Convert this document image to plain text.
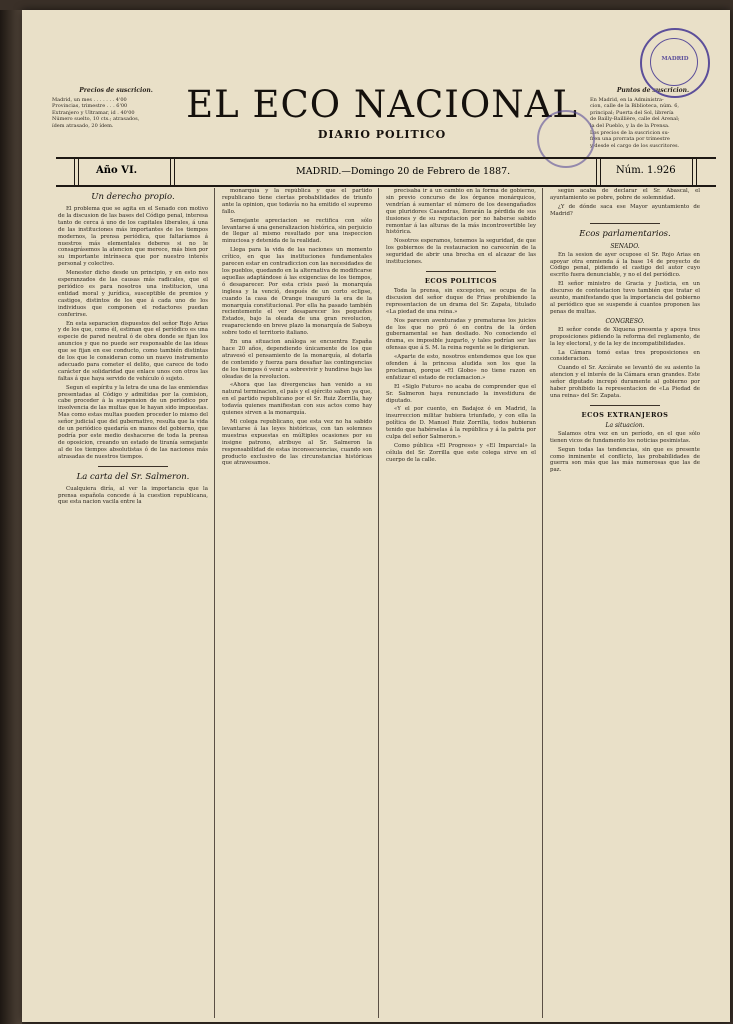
Precios de suscricion.
Madrid, un mes . . . . . . . 4'00
Provincias, trimestre . . . 6'00
Extranjero y Ultramar, id . 40'00
Número suelto, 10 cts.; atrasados,
ídem atrasado, 20 ídem.	EL ECO NACIONAL
DIARIO POLITICO
Puntos de suscricion.
En Madrid, en la Administra-
cion, calle de la Biblioteca, núm. 6,
principal; Puerta del Sol, librería
de Bailly-Baillière, calle del Arenal;
la del Pueblo, y la de la Prensa.
Los precios de la suscricion su-
fren una prorrata por trimestre
y desde el cargo de los suscritores.
MADRID
Año VI.	MADRID.—Domingo 20 de Febrero de 1887.	Núm. 1.926
Un derecho propio.

El problema que se agita en el Senado con motivo de la discusion de las bases del Código penal, interesa tanto de cerca á uno de los capitales liberales, á una de las instituciones más importantes de los tiempos modernos, la prensa periódica, que faltaríamos á nuestros más elementales deberes si no le consagrásemos la atencion que merece, más bien por su importante intrínseca que por nuestro interés personal y colectivo.

Menester dicho desde un principio, y en esto nos esperanzados de las causas más radicales, que el periódico es para nosotros una institucion, una entidad moral y jurídica, susceptible de premios y castigos, distintos de los que á cada uno de los individuos que componen el redactores puedan conferirse.

En esta separacion dispuestos del señor Rojo Arias y de los que, como él, estiman que el periódico es una especie de pared neutral ó de obra donde se fijan los anuncios y que no puede ser responsable de las ideas que se fijan en ese conducto, como también distintas de los que le consideran como un nuevo instrumento adecuado para cometer el delito, que carece de todo carácter de solidaridad que enlace unos con otros las faltas á que haya servido de vehículo ó sujeto.

Segun el espíritu y la letra de una de las enmiendas presentadas al Código y admitidas por la comision, cabe proceder á la suspension de un periódico por insolvencia de las multas que le hayan sido impuestas. Mas como estas multas pueden proceder lo mismo del señor judicial que del gubernativo, resulta que la vida de un periódico quedaría en manos del gobierno, que podría por este medio deshacerse de toda la prensa de oposicion, creando un estado de tiranía semejante al de los tiempos absolutistas ó de las naciones más atrasadas de nuestros tiempos.

La carta del Sr. Salmeron.

Cualquiera diría, al ver la importancia que la prensa española concede á la cuestion republicana, que esta nacion vacila entre la

monarquía y la república y que el partido republicano tiene ciertas probabilidades de triunfo ante la opinion, que todavía no ha emitido el supremo fallo.

Semejante apreciacion se rectifica con sólo levantarse á una generalizacion histórica, sin perjuicio de llegar al mismo resultado por una inspeccion minuciosa y detenida de la realidad.

Llega para la vida de las naciones un momento crítico, en que las instituciones fundamentales parecen estar en contradiccion con las necesidades de los pueblos, quedando en la alternativa de modificarse aquellas adaptándose á las exigencias de los tiempos, ó desaparecer. Por esta crisis pasó la monarquía inglesa y la venció, después de un corto eclipse, cuando la casa de Orange inauguró la era de la monarquía constitucional. Por ella ha pasado también recientemente el ver desaparecer los pequeños Estados, bajo la oleada de una gran revolucion, reapareciendo en breve plazo la monarquía de Saboya sobre todo el territorio italiano.

En una situacion análoga se encuentra España hace 20 años, dependiendo únicamente de los que atravesó el pensamiento de la monarquía, al dotarla de contenido y fuerza para desafiar las contingencias de los tiempos ó venir a sobrevivir y hundirse bajo las oleadas de la revolucion.

«Ahora que las divergencias han venido a su natural terminacion, el país y el ejército saben ya que, en el partido republicano por el Sr. Ruiz Zorrilla, hay todavía quienes manifiestan con sus actos como hay quienes sirven a la monarquía.

Mi colega republicano, que esta vez no ha sabido levantarse á las leyes históricas, con tan solemnes muestras expuestas en múltiples ocasiones por su insigne patrono, atribuye al Sr. Salmeron la responsabilidad de estas inconsecuencias, cuando son producto exclusivo de las circunstancias históricas que atravesamos.

precisaba ir á un cambio en la forma de gobierno, sin previo concurso de los órganos monárquicos, vendrían á sumentar el número de los desengañados que pluridores Casandras, llorarán la pérdida de sus ilusiones y de su reputacion por no haberse sabido remontar á las alturas de la más incontrovertible ley histórica.

Nosotros esperamos, tenemos la seguridad, de que los gobiernos de la restauracion no carecerán de la seguridad de abrir una brecha en el alcazar de las instituciones.

ECOS POLÍTICOS

Toda la prensa, sin excepcion, se ocupa de la discusion del señor duque de Frias prohibiendo la representacion de un drama del Sr. Zapata, titulado «La piedad de una reina.»

Nos parecen aventuradas y prematuras los juicios de los que no pró ó en contra de la órden gubernamental se han desliado. No conociendo el drama, es imposible juzgarlo, y tales podrían ser las ofensas que á S. M. la reina regente se le dirigieran.

«Aparte de esto, nosotros entendemos que los que ofenden á la princesa aludida son los que la proclaman, porque «El Globo» no tiene razon en enfatizar el estado de reclamacion.»

El «Siglo Futuro» no acaba de comprender que el Sr. Salmeron haya renunciado la investidura de diputado.

«Y el por cuento, en Badajoz ó en Madrid, la insurreccion militar hubiera triunfado, y con ella la política de D. Manuel Ruiz Zorrilla, todos hubieran tenido que habérselas á la república y á la patria por culpa del señor Salmeron.»

Como pública «El Progreso» y «El Imparcial» la célula del Sr. Zorrilla que este colega sirve en el cuerpo de la calle.

según acaba de declarar el Sr. Abascal, el ayuntamiento se pobre, pobre de solemnidad.

¿Y de dónde saca ese Mayor ayuntamiento de Madrid?

Ecos parlamentarios.
SENADO.

En la sesion de ayer ocupose el Sr. Rojo Arias en apoyar otra enmienda á la base 14 de proyecto de Código penal, pidiendo el castigo del autor cuyo escrito fuera denunciable, y no el del periódico.

El señor ministro de Gracia y Justicia, en un discurso de contestacion tuvo también que tratar el asunto, manifestando que la importancia del gobierno al periódico que se suspende á cuantos proponen las penas de multas.

CONGRESO.

El señor conde de Xiquena presenta y apoya tres proposiciones pidiendo la reforma del reglamento, de la ley electoral, y de la ley de incompatibilidades.

La Cámara tomó estas tres proposiciones en consideracion.

Cuando el Sr. Azcárate se levantó de su asiento la atencion y el interés de la Cámara eran grandes. Este señor diputado increpó duramente al gobierno por haber prohibido la representacion de «La Piedad de una reina» del Sr. Zapata.

ECOS EXTRANJEROS
La situacion.

Salamos otra vez en un período, en el que sólo tienen vicos de fundamento los noticias pesimistas.

Segun todas las tendencias, sin que es presente como inminente el conflicto, las probabilidades de guerra son más que las más numerosas que las de paz.
